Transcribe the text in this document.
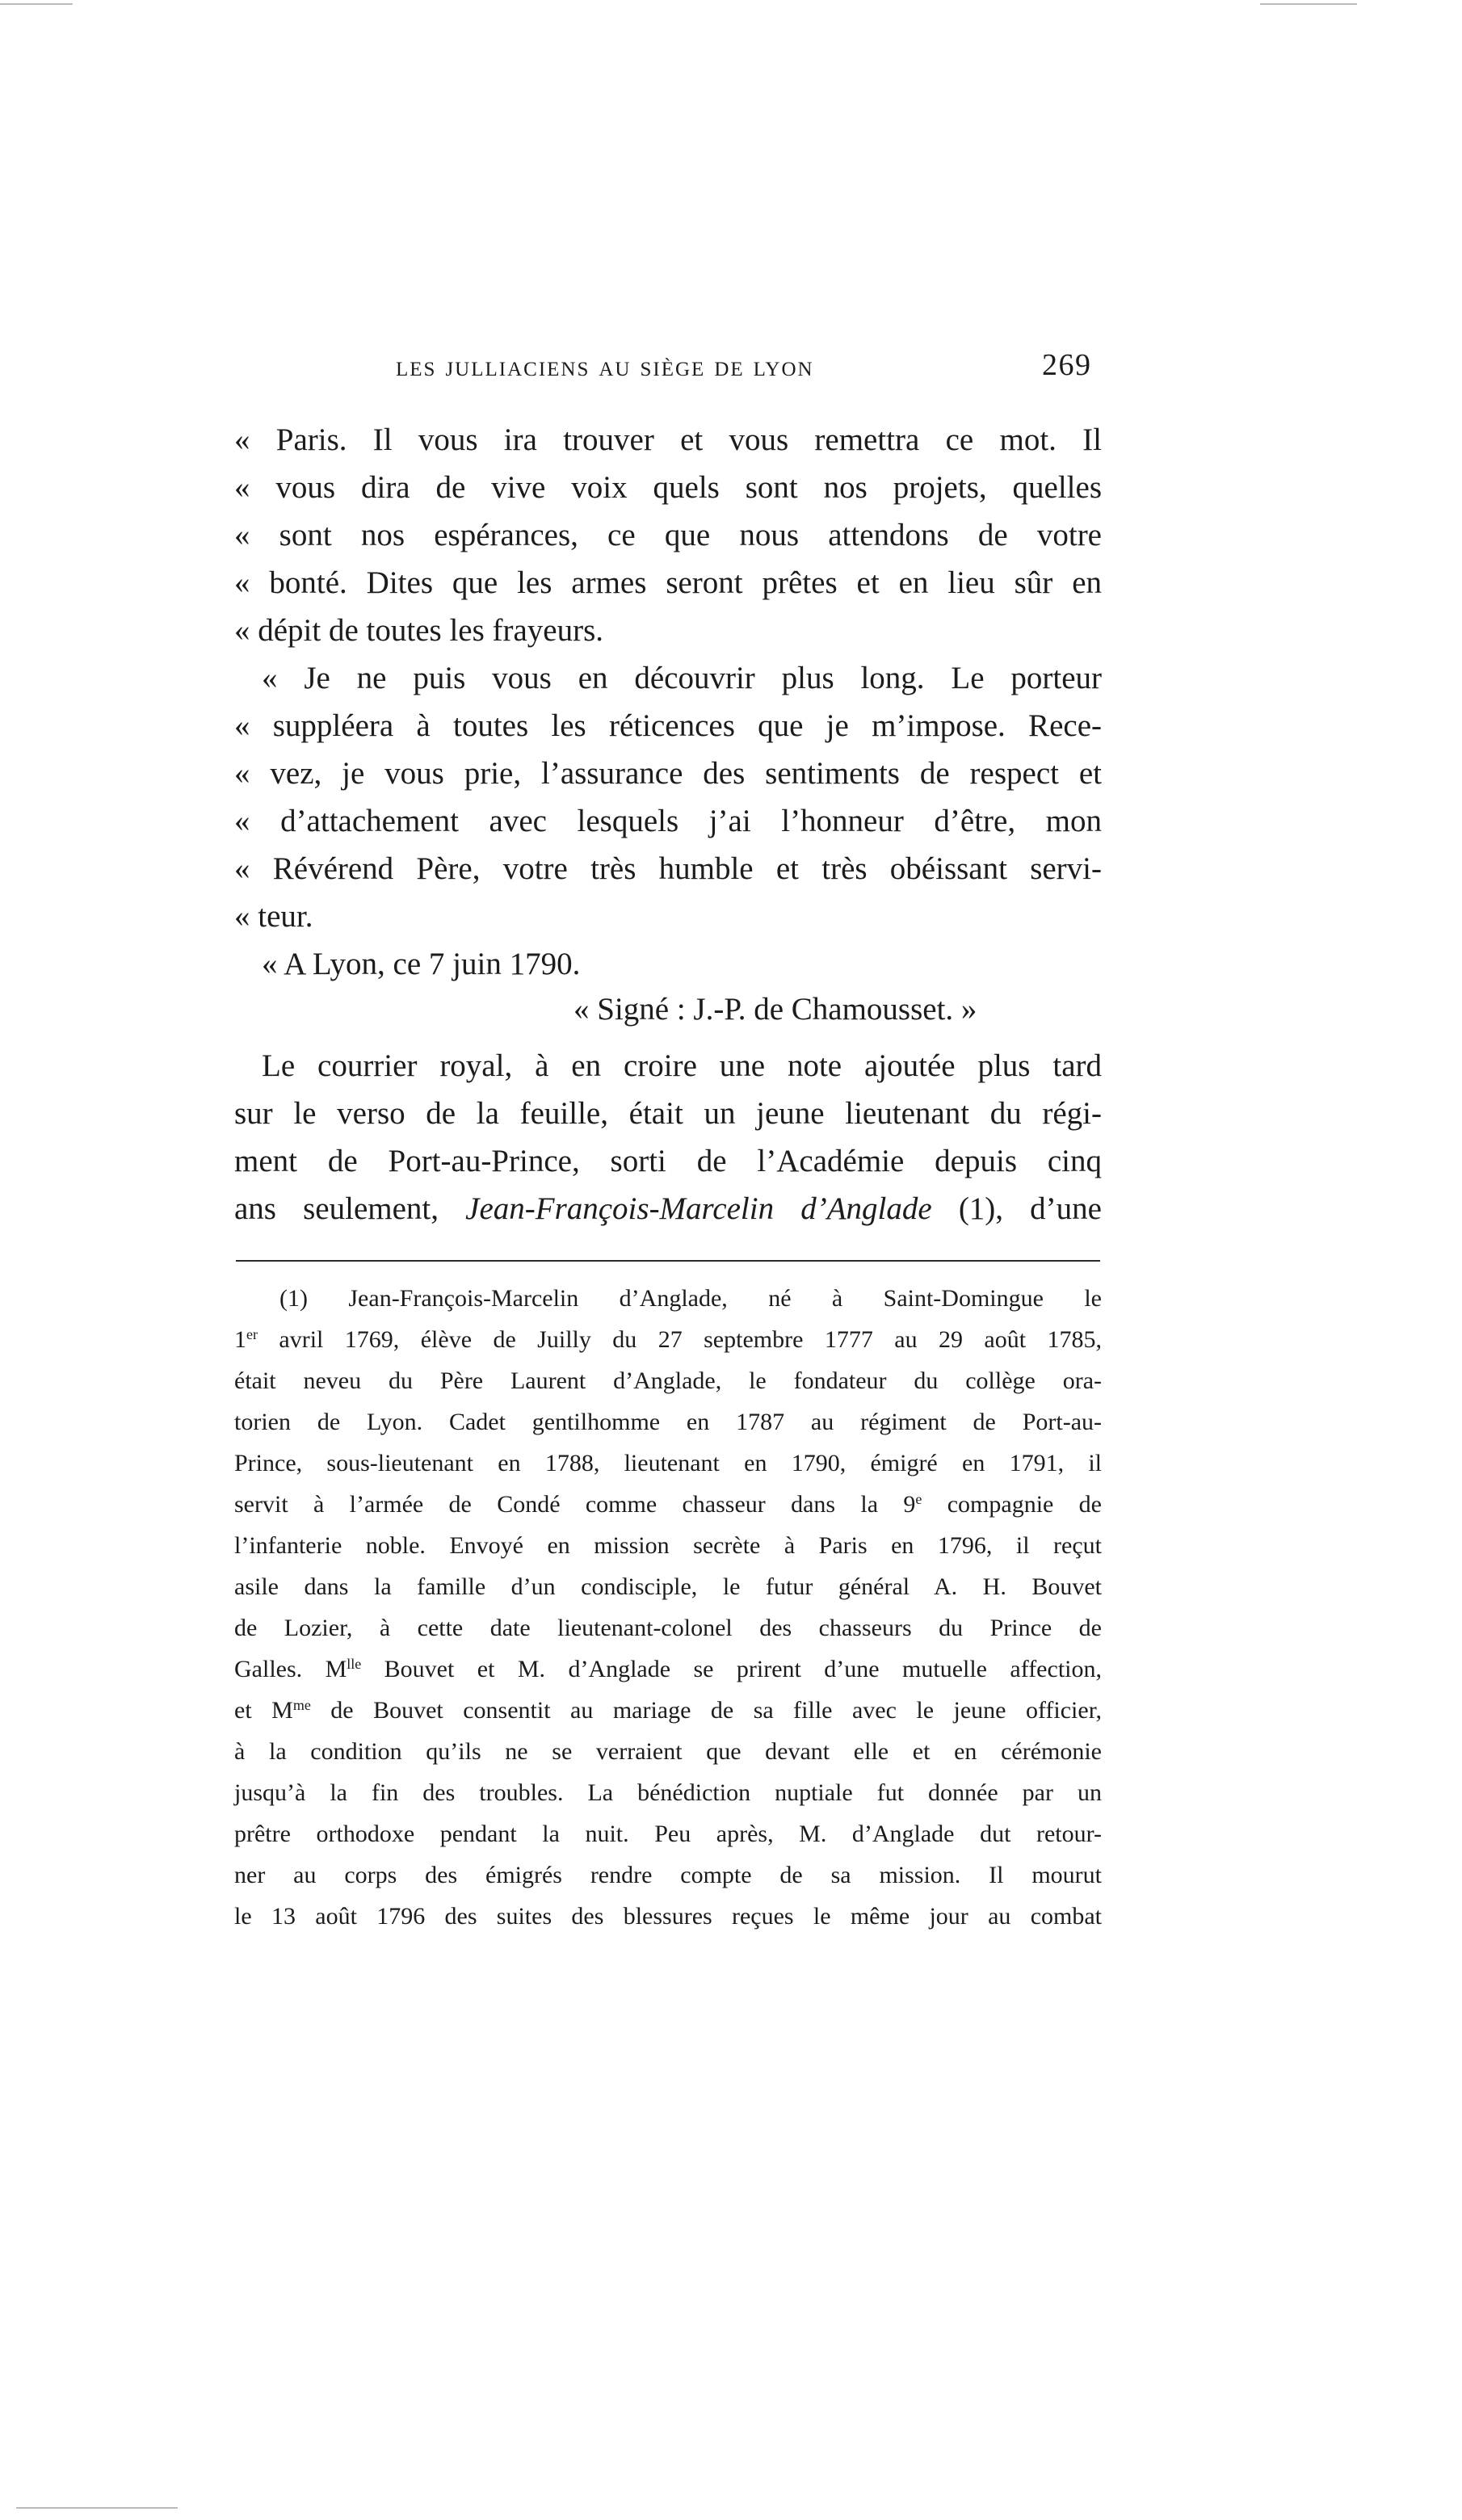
les julliaciens au siège de lyon	269
« Paris. Il vous ira trouver et vous remettra ce mot. Il
« vous dira de vive voix quels sont nos projets, quelles
« sont nos espérances, ce que nous attendons de votre
« bonté. Dites que les armes seront prêtes et en lieu sûr en
« dépit de toutes les frayeurs.
« Je ne puis vous en découvrir plus long. Le porteur
« suppléera à toutes les réticences que je m’impose. Rece-
« vez, je vous prie, l’assurance des sentiments de respect et
« d’attachement avec lesquels j’ai l’honneur d’être, mon
« Révérend Père, votre très humble et très obéissant servi-
« teur.
« A Lyon, ce 7 juin 1790.
« Signé : J.-P. de Chamousset. »
Le courrier royal, à en croire une note ajoutée plus tard
sur le verso de la feuille, était un jeune lieutenant du régi-
ment de Port-au-Prince, sorti de l’Académie depuis cinq
ans seulement, Jean-François-Marcelin d’Anglade (1), d’une
(1) Jean-François-Marcelin d’Anglade, né à Saint-Domingue le
1er avril 1769, élève de Juilly du 27 septembre 1777 au 29 août 1785,
était neveu du Père Laurent d’Anglade, le fondateur du collège ora-
torien de Lyon. Cadet gentilhomme en 1787 au régiment de Port-au-
Prince, sous-lieutenant en 1788, lieutenant en 1790, émigré en 1791, il
servit à l’armée de Condé comme chasseur dans la 9e compagnie de
l’infanterie noble. Envoyé en mission secrète à Paris en 1796, il reçut
asile dans la famille d’un condisciple, le futur général A. H. Bouvet
de Lozier, à cette date lieutenant-colonel des chasseurs du Prince de
Galles. $M^{lle}$ Bouvet et M. d’Anglade se prirent d’une mutuelle affection,
et $M^{me}$ de Bouvet consentit au mariage de sa fille avec le jeune officier,
à la condition qu’ils ne se verraient que devant elle et en cérémonie
jusqu’à la fin des troubles. La bénédiction nuptiale fut donnée par un
prêtre orthodoxe pendant la nuit. Peu après, M. d’Anglade dut retour-
ner au corps des émigrés rendre compte de sa mission. Il mourut
le 13 août 1796 des suites des blessures reçues le même jour au combat
